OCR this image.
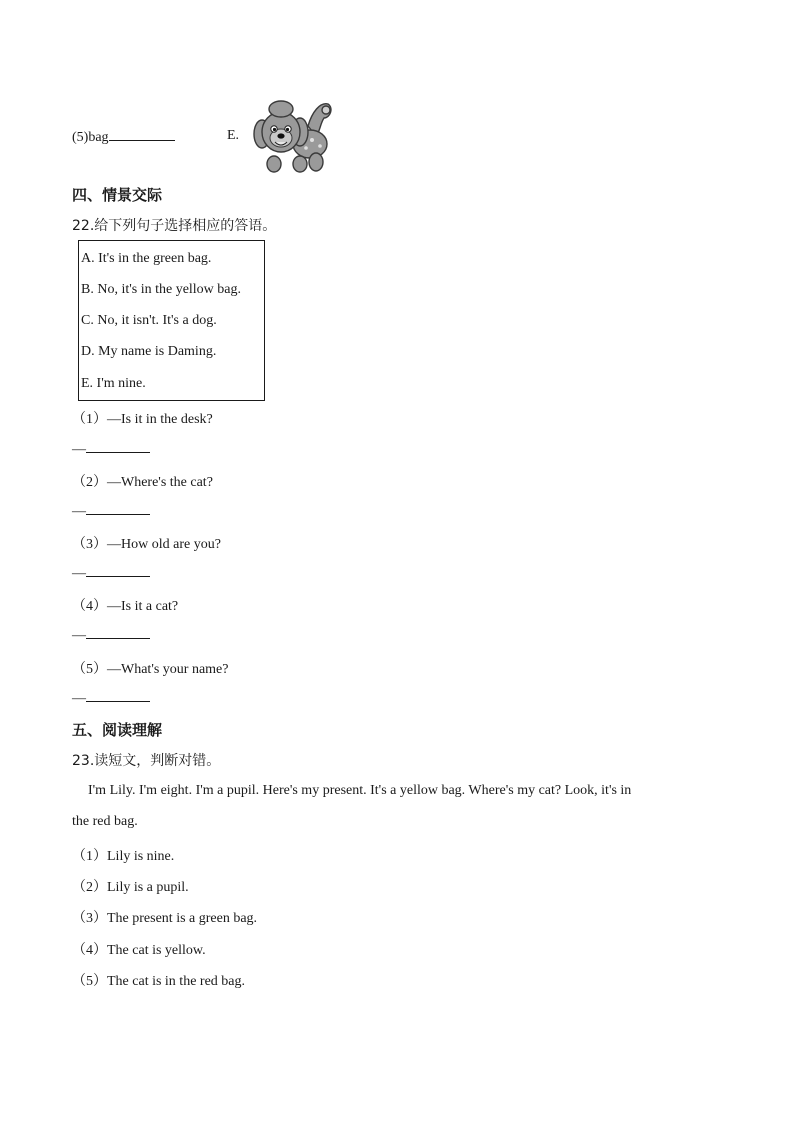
(5)bag	E.
四、情景交际
22.给下列句子选择相应的答语。
A. It's in the green bag.
B. No, it's in the yellow bag.
C. No, it isn't. It's a dog.
D. My name is Daming.
E. I'm nine.
（1）—Is it in the desk?
—
（2）—Where's the cat?
—
（3）—How old are you?
—
（4）—Is it a cat?
—
（5）—What's your name?
—
五、阅读理解
23.读短文，判断对错。
I'm Lily. I'm eight. I'm a pupil. Here's my present. It's a yellow bag. Where's my cat? Look, it's in
the red bag.
（1）Lily is nine.
（2）Lily is a pupil.
（3）The present is a green bag.
（4）The cat is yellow.
（5）The cat is in the red bag.
